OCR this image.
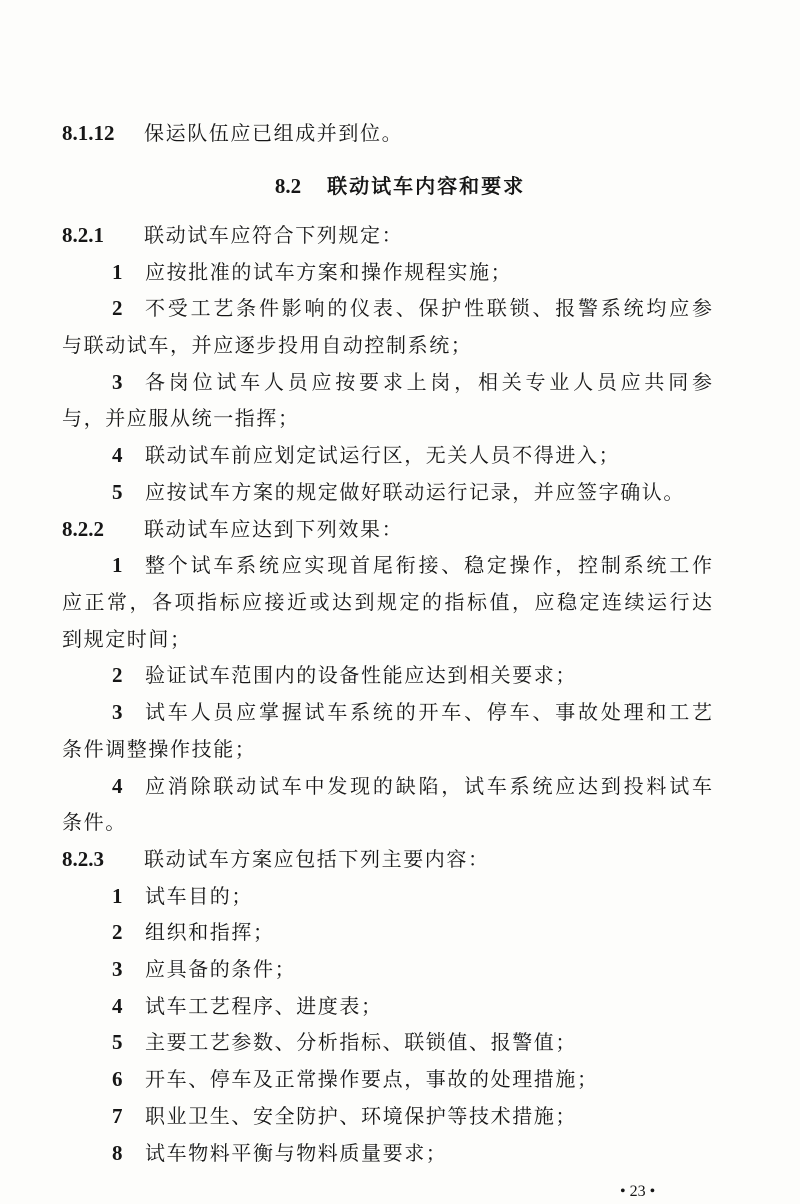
8.1.12 保运队伍应已组成并到位。
8.2 联动试车内容和要求
8.2.1 联动试车应符合下列规定：
1 应按批准的试车方案和操作规程实施；
2 不受工艺条件影响的仪表、保护性联锁、报警系统均应参
与联动试车，并应逐步投用自动控制系统；
3 各岗位试车人员应按要求上岗，相关专业人员应共同参
与，并应服从统一指挥；
4 联动试车前应划定试运行区，无关人员不得进入；
5 应按试车方案的规定做好联动运行记录，并应签字确认。
8.2.2 联动试车应达到下列效果：
1 整个试车系统应实现首尾衔接、稳定操作，控制系统工作
应正常，各项指标应接近或达到规定的指标值，应稳定连续运行达
到规定时间；
2 验证试车范围内的设备性能应达到相关要求；
3 试车人员应掌握试车系统的开车、停车、事故处理和工艺
条件调整操作技能；
4 应消除联动试车中发现的缺陷，试车系统应达到投料试车
条件。
8.2.3 联动试车方案应包括下列主要内容：
1 试车目的；
2 组织和指挥；
3 应具备的条件；
4 试车工艺程序、进度表；
5 主要工艺参数、分析指标、联锁值、报警值；
6 开车、停车及正常操作要点，事故的处理措施；
7 职业卫生、安全防护、环境保护等技术措施；
8 试车物料平衡与物料质量要求；
• 23 •
